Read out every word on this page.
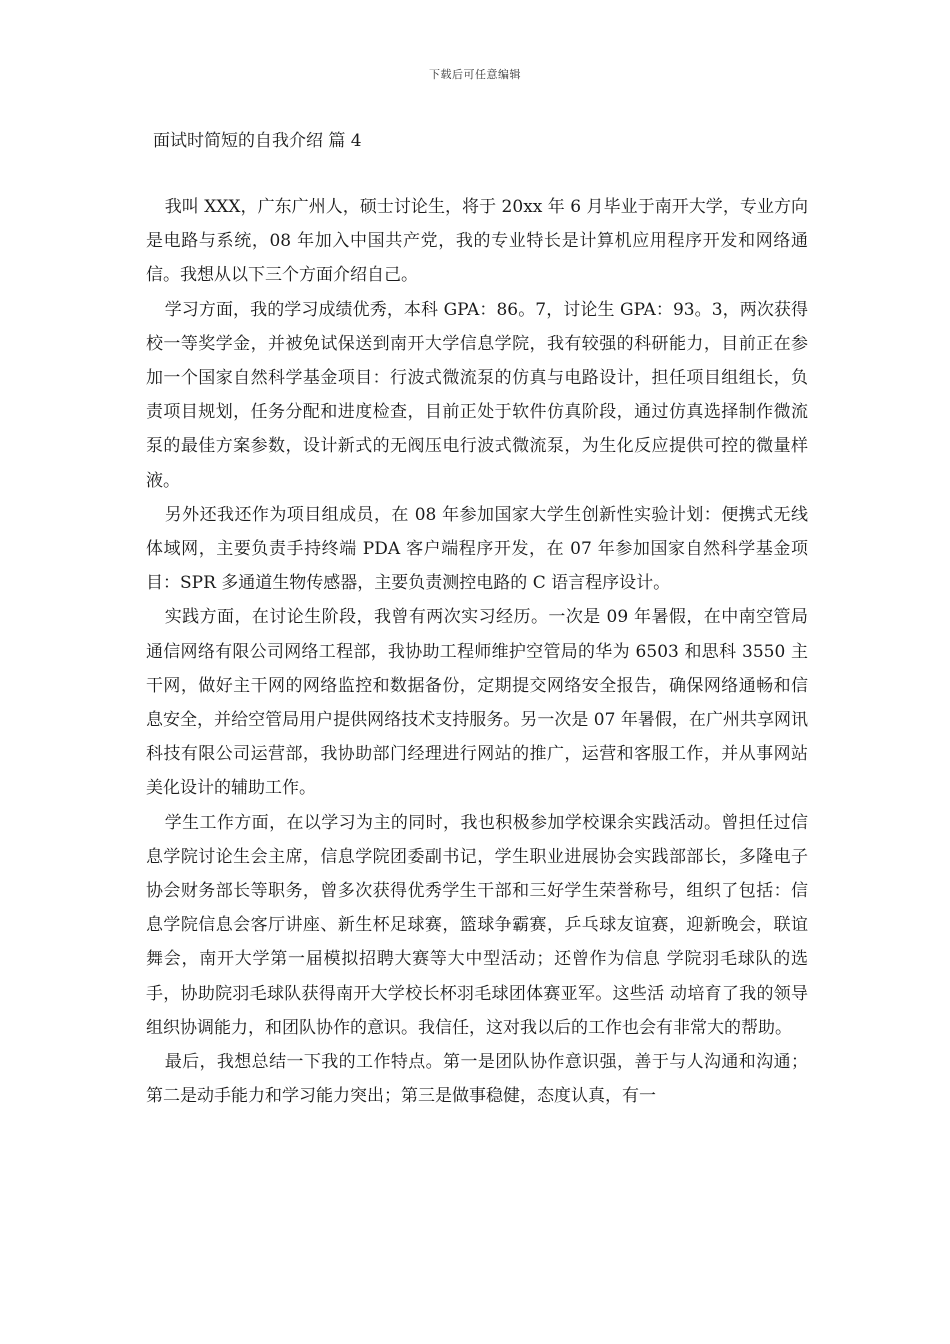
下载后可任意编辑
面试时简短的自我介绍 篇 4

我叫 XXX，广东广州人，硕士讨论生，将于 20xx 年 6 月毕业于南开大学，专业方向是电路与系统，08 年加入中国共产党，我的专业特长是计算机应用程序开发和网络通信。我想从以下三个方面介绍自己。

学习方面，我的学习成绩优秀，本科 GPA：86。7，讨论生 GPA：93。3，两次获得 校一等奖学金，并被免试保送到南开大学信息学院，我有较强的科研能力，目前正在参加一个国家自然科学基金项目：行波式微流泵的仿真与电路设计，担任项目组组长，负 责项目规划，任务分配和进度检查，目前正处于软件仿真阶段，通过仿真选择制作微流泵的最佳方案参数，设计新式的无阀压电行波式微流泵，为生化反应提供可控的微量样液。

另外还我还作为项目组成员，在 08 年参加国家大学生创新性实验计划：便携式无线体域网，主要负责手持终端 PDA 客户端程序开发，在 07 年参加国家自然科学基金项目：SPR 多通道生物传感器，主要负责测控电路的 C 语言程序设计。

实践方面，在讨论生阶段，我曾有两次实习经历。一次是 09 年暑假，在中南空管局通信网络有限公司网络工程部，我协助工程师维护空管局的华为 6503 和思科 3550 主 干网，做好主干网的网络监控和数据备份，定期提交网络安全报告，确保网络通畅和信 息安全，并给空管局用户提供网络技术支持服务。另一次是 07 年暑假，在广州共享网讯 科技有限公司运营部，我协助部门经理进行网站的推广，运营和客服工作，并从事网站美化设计的辅助工作。

学生工作方面，在以学习为主的同时，我也积极参加学校课余实践活动。曾担任过信息学院讨论生会主席，信息学院团委副书记，学生职业进展协会实践部部长，多隆电子协会财务部长等职务，曾多次获得优秀学生干部和三好学生荣誉称号，组织了包括：信息学院信息会客厅讲座、新生杯足球赛，篮球争霸赛，乒乓球友谊赛，迎新晚会，联谊舞会，南开大学第一届模拟招聘大赛等大中型活动；还曾作为信息 学院羽毛球队的选手，协助院羽毛球队获得南开大学校长杯羽毛球团体赛亚军。这些活 动培育了我的领导组织协调能力，和团队协作的意识。我信任，这对我以后的工作也会有非常大的帮助。

最后，我想总结一下我的工作特点。第一是团队协作意识强，善于与人沟通和沟通；第二是动手能力和学习能力突出；第三是做事稳健，态度认真，有一
